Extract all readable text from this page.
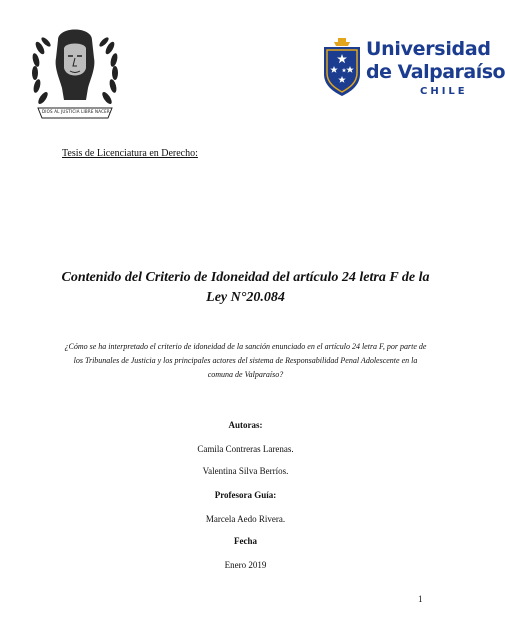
DIOS AL JUSTICIA LIBRE NACER
Universidad
de Valparaíso
CHILE
Tesis de Licenciatura en Derecho:
Contenido del Criterio de Idoneidad del artículo 24 letra F de la
Ley N°20.084
¿Cómo se ha interpretado el criterio de idoneidad de la sanción enunciado en el artículo 24 letra F, por parte de
los Tribunales de Justicia y los principales actores del sistema de Responsabilidad Penal Adolescente en la
comuna de Valparaíso?
Autoras:
Camila Contreras Larenas.
Valentina Silva Berríos.
Profesora Guía:
Marcela Aedo Rivera.
Fecha
Enero 2019
1
